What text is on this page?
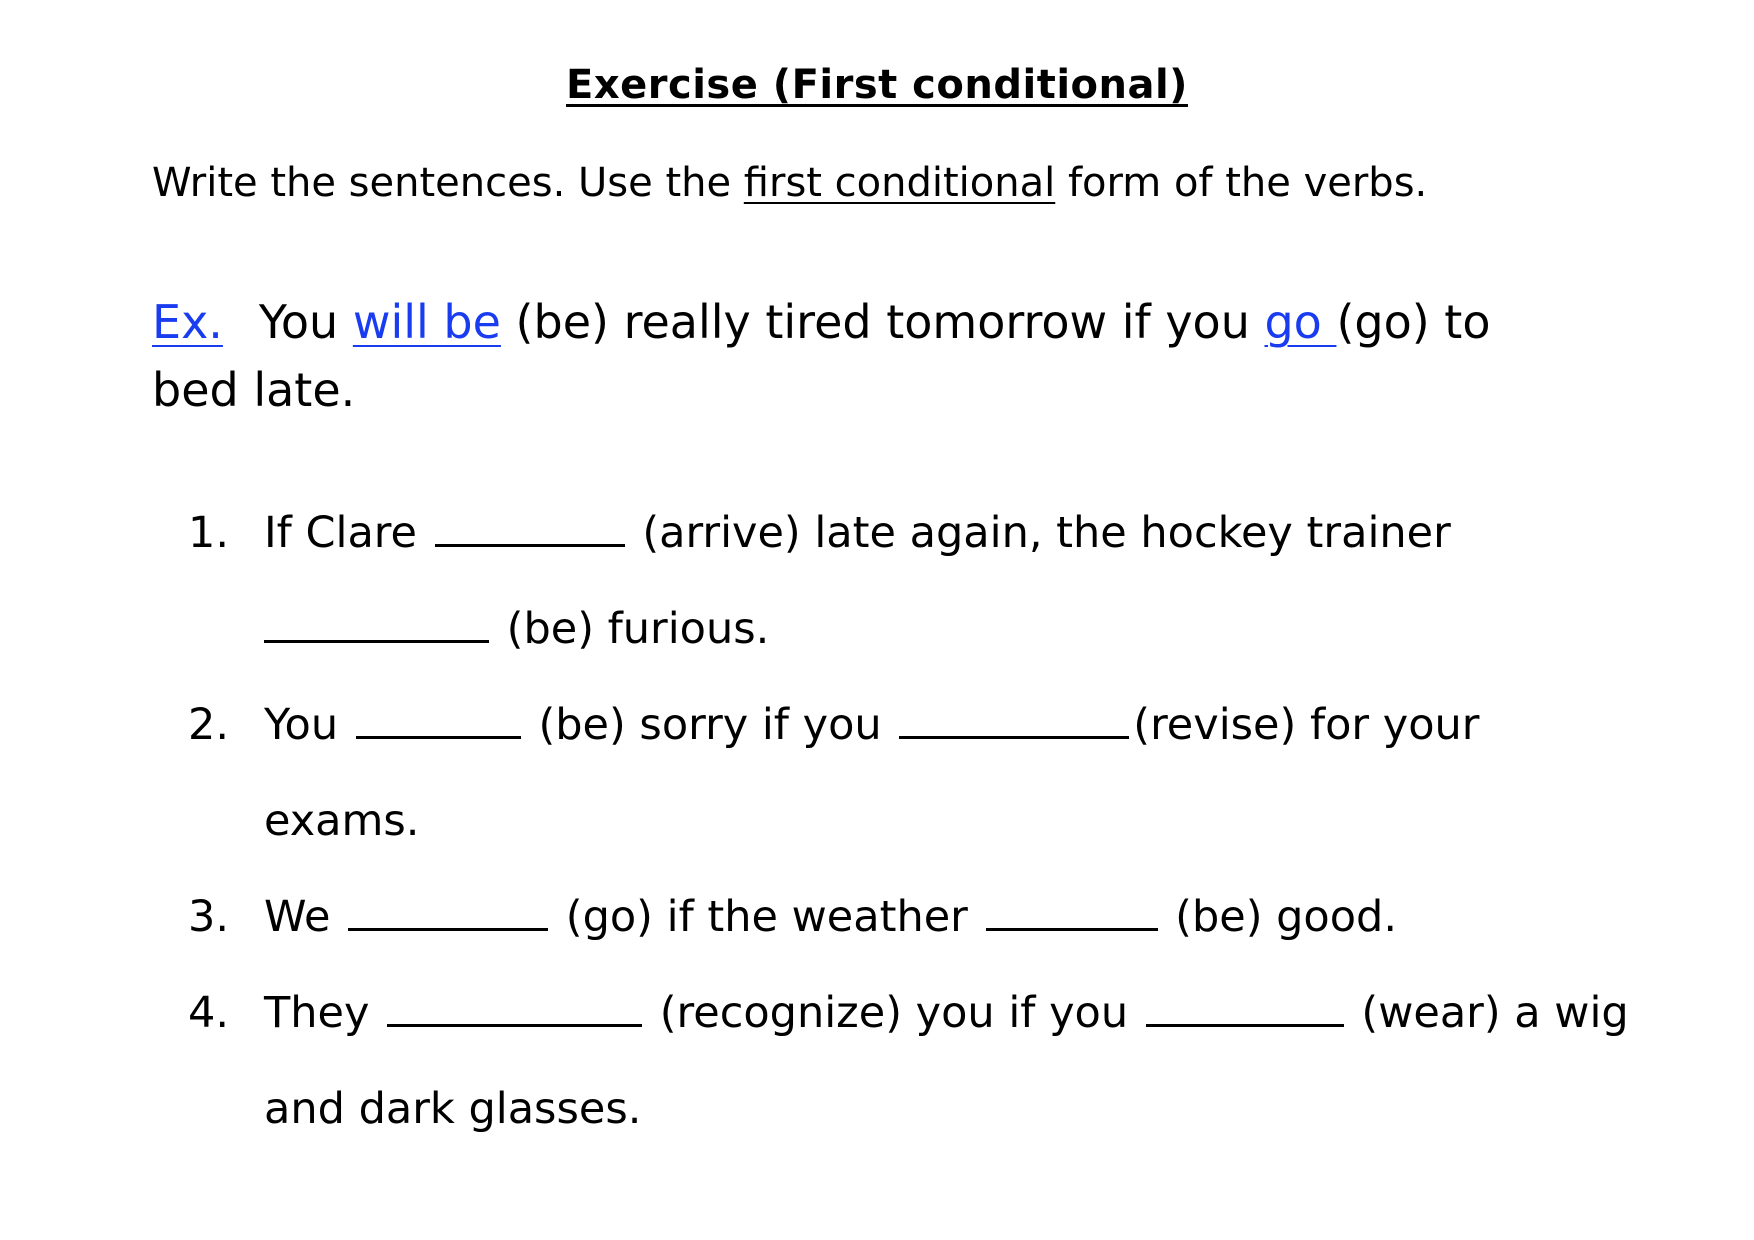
Exercise (First conditional)
Write the sentences. Use the first conditional form of the verbs.
Ex. You will be (be) really tired tomorrow if you go (go) to bed late.
1. If Clare	(arrive) late again, the hockey trainer
(be) furious.
2. You	(be) sorry if you	(revise) for your exams.
3. We	(go) if the weather	(be) good.
4. They	(recognize) you if you	(wear) a wig and dark glasses.
